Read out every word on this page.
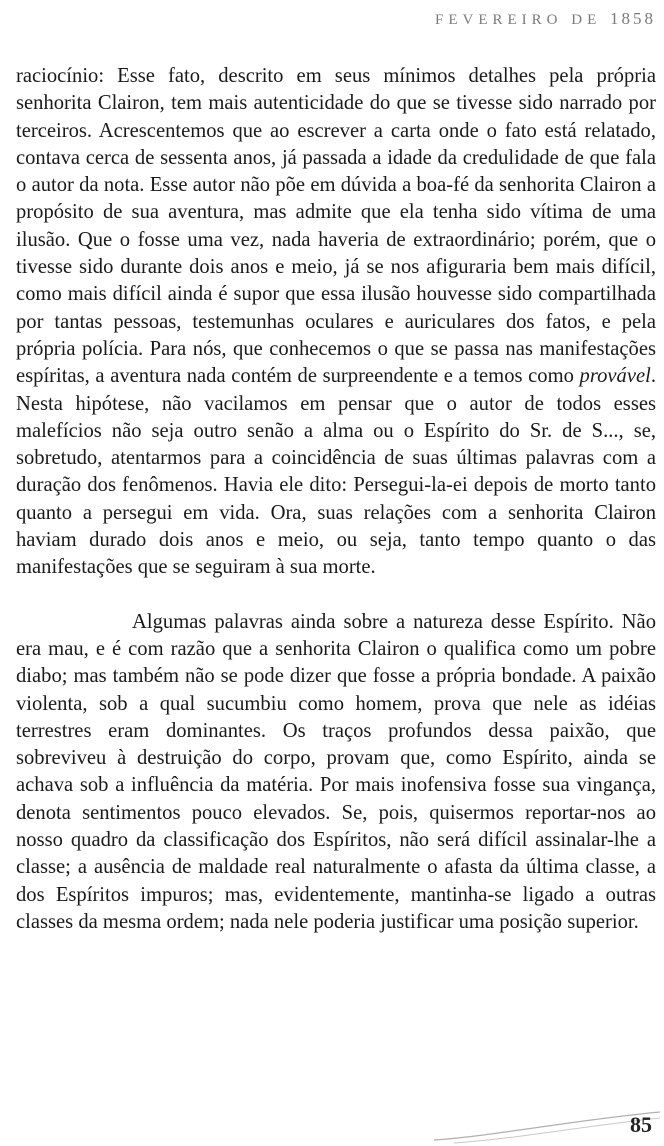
FEVEREIRO DE 1858

raciocínio: Esse fato, descrito em seus mínimos detalhes pela própria senhorita Clairon, tem mais autenticidade do que se tivesse sido narrado por terceiros. Acrescentemos que ao escrever a carta onde o fato está relatado, contava cerca de sessenta anos, já passada a idade da credulidade de que fala o autor da nota. Esse autor não põe em dúvida a boa-fé da senhorita Clairon a propósito de sua aventura, mas admite que ela tenha sido vítima de uma ilusão. Que o fosse uma vez, nada haveria de extraordinário; porém, que o tivesse sido durante dois anos e meio, já se nos afiguraria bem mais difícil, como mais difícil ainda é supor que essa ilusão houvesse sido compartilhada por tantas pessoas, testemunhas oculares e auriculares dos fatos, e pela própria polícia. Para nós, que conhecemos o que se passa nas manifestações espíritas, a aventura nada contém de surpreendente e a temos como provável. Nesta hipótese, não vacilamos em pensar que o autor de todos esses malefícios não seja outro senão a alma ou o Espírito do Sr. de S..., se, sobretudo, atentarmos para a coincidência de suas últimas palavras com a duração dos fenômenos. Havia ele dito: Persegui-la-ei depois de morto tanto quanto a persegui em vida. Ora, suas relações com a senhorita Clairon haviam durado dois anos e meio, ou seja, tanto tempo quanto o das manifestações que se seguiram à sua morte.

Algumas palavras ainda sobre a natureza desse Espírito. Não era mau, e é com razão que a senhorita Clairon o qualifica como um pobre diabo; mas também não se pode dizer que fosse a própria bondade. A paixão violenta, sob a qual sucumbiu como homem, prova que nele as idéias terrestres eram dominantes. Os traços profundos dessa paixão, que sobreviveu à destruição do corpo, provam que, como Espírito, ainda se achava sob a influência da matéria. Por mais inofensiva fosse sua vingança, denota sentimentos pouco elevados. Se, pois, quisermos reportar-nos ao nosso quadro da classificação dos Espíritos, não será difícil assinalar-lhe a classe; a ausência de maldade real naturalmente o afasta da última classe, a dos Espíritos impuros; mas, evidentemente, mantinha-se ligado a outras classes da mesma ordem; nada nele poderia justificar uma posição superior.

85
